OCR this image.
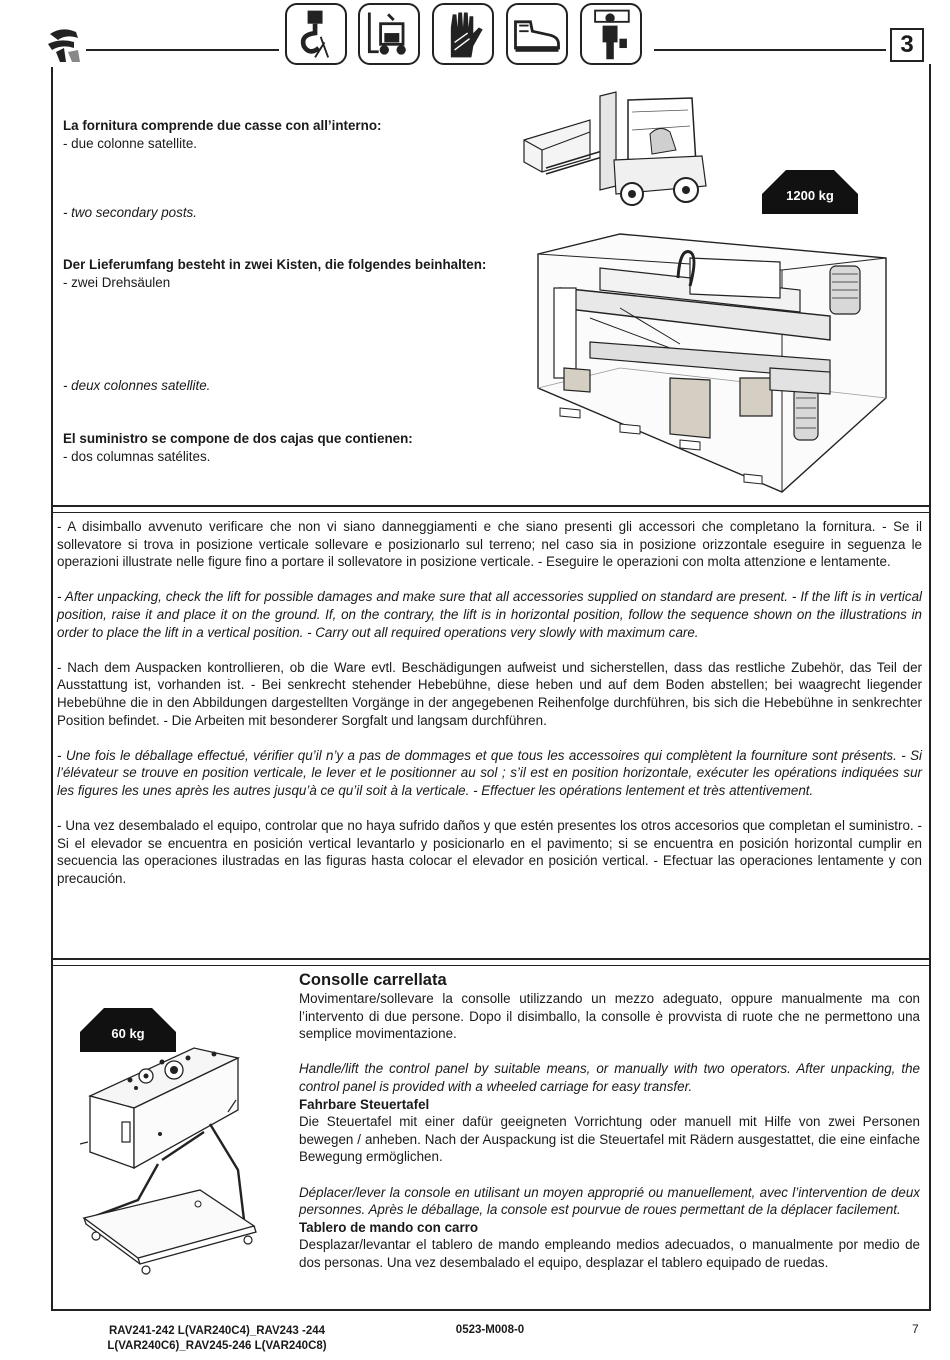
3

La fornitura comprende due casse con all’interno:

- due colonne satellite.

- two secondary posts.

Der Lieferumfang besteht in zwei Kisten, die folgendes beinhalten:

- zwei Drehsäulen

- deux colonnes satellite.

El suministro se compone de dos cajas que contienen:

- dos columnas satélites.

1200 kg

- A disimballo avvenuto verificare che non vi siano danneggiamenti e che siano presenti gli accessori che completano la fornitura. - Se il sollevatore si trova in posizione verticale sollevare e posizionarlo sul terreno; nel caso sia in posizione orizzontale eseguire in seguenza le operazioni illustrate nelle figure fino a portare il sollevatore in posizione verticale. - Eseguire le operazioni con molta attenzione e lentamente.

- After unpacking, check the lift for possible damages and make sure that all accessories supplied on standard are present. - If the lift is in vertical position, raise it and place it on the ground. If, on the contrary, the lift is in horizontal position, follow the sequence shown on the illustrations in order to place the lift in a vertical position. - Carry out all required operations very slowly with maximum care.

- Nach dem Auspacken kontrollieren, ob die Ware evtl. Beschädigungen aufweist und sicherstellen, dass das restliche Zubehör, das Teil der Ausstattung ist, vorhanden ist. - Bei senkrecht stehender Hebebühne, diese heben und auf dem Boden abstellen; bei waagrecht liegender Hebebühne die in den Abbildungen dargestellten Vorgänge in der angegebenen Reihenfolge durchführen, bis sich die Hebebühne in senkrechter Position befindet. - Die Arbeiten mit besonderer Sorgfalt und langsam durchführen.

- Une fois le déballage effectué, vérifier qu’il n’y a pas de dommages et que tous les accessoires qui complètent la fourniture sont présents. - Si l’élévateur se trouve en position verticale, le lever et le positionner au sol ; s’il est en position horizontale, exécuter les opérations indiquées sur les figures les unes après les autres jusqu’à ce qu’il soit à la verticale. - Effectuer les opérations lentement et très attentivement.

- Una vez desembalado el equipo, controlar que no haya sufrido daños y que estén presentes los otros accesorios que completan el suministro. - Si el elevador se encuentra en posición vertical levantarlo y posicionarlo en el pavimento; si se encuentra en posición horizontal cumplir en secuencia las operaciones ilustradas en las figuras hasta colocar el elevador en posición vertical. - Efectuar las operaciones lentamente y con precaución.

60 kg

Consolle carrellata

Movimentare/sollevare la consolle utilizzando un mezzo adeguato, oppure manualmente ma con l’intervento di due persone. Dopo il disimballo, la consolle è provvista di ruote che ne permettono una semplice movimentazione.

Handle/lift the control panel by suitable means, or manually with two operators. After unpacking, the control panel is provided with a wheeled carriage for easy transfer.

Fahrbare Steuertafel

Die Steuertafel mit einer dafür geeigneten Vorrichtung oder manuell mit Hilfe von zwei Personen bewegen / anheben. Nach der Auspackung ist die Steuertafel mit Rädern ausgestattet, die eine einfache Bewegung ermöglichen.

Déplacer/lever la console en utilisant un moyen approprié ou manuellement, avec l’intervention de deux personnes. Après le déballage, la console est pourvue de roues permettant de la déplacer facilement.

Tablero de mando con carro

Desplazar/levantar el tablero de mando empleando medios adecuados, o manualmente por medio de dos personas. Una vez desembalado el equipo, desplazar el tablero equipado de ruedas.

RAV241-242 L(VAR240C4)_RAV243 -244
L(VAR240C6)_RAV245-246 L(VAR240C8)
0523-M008-0	7
